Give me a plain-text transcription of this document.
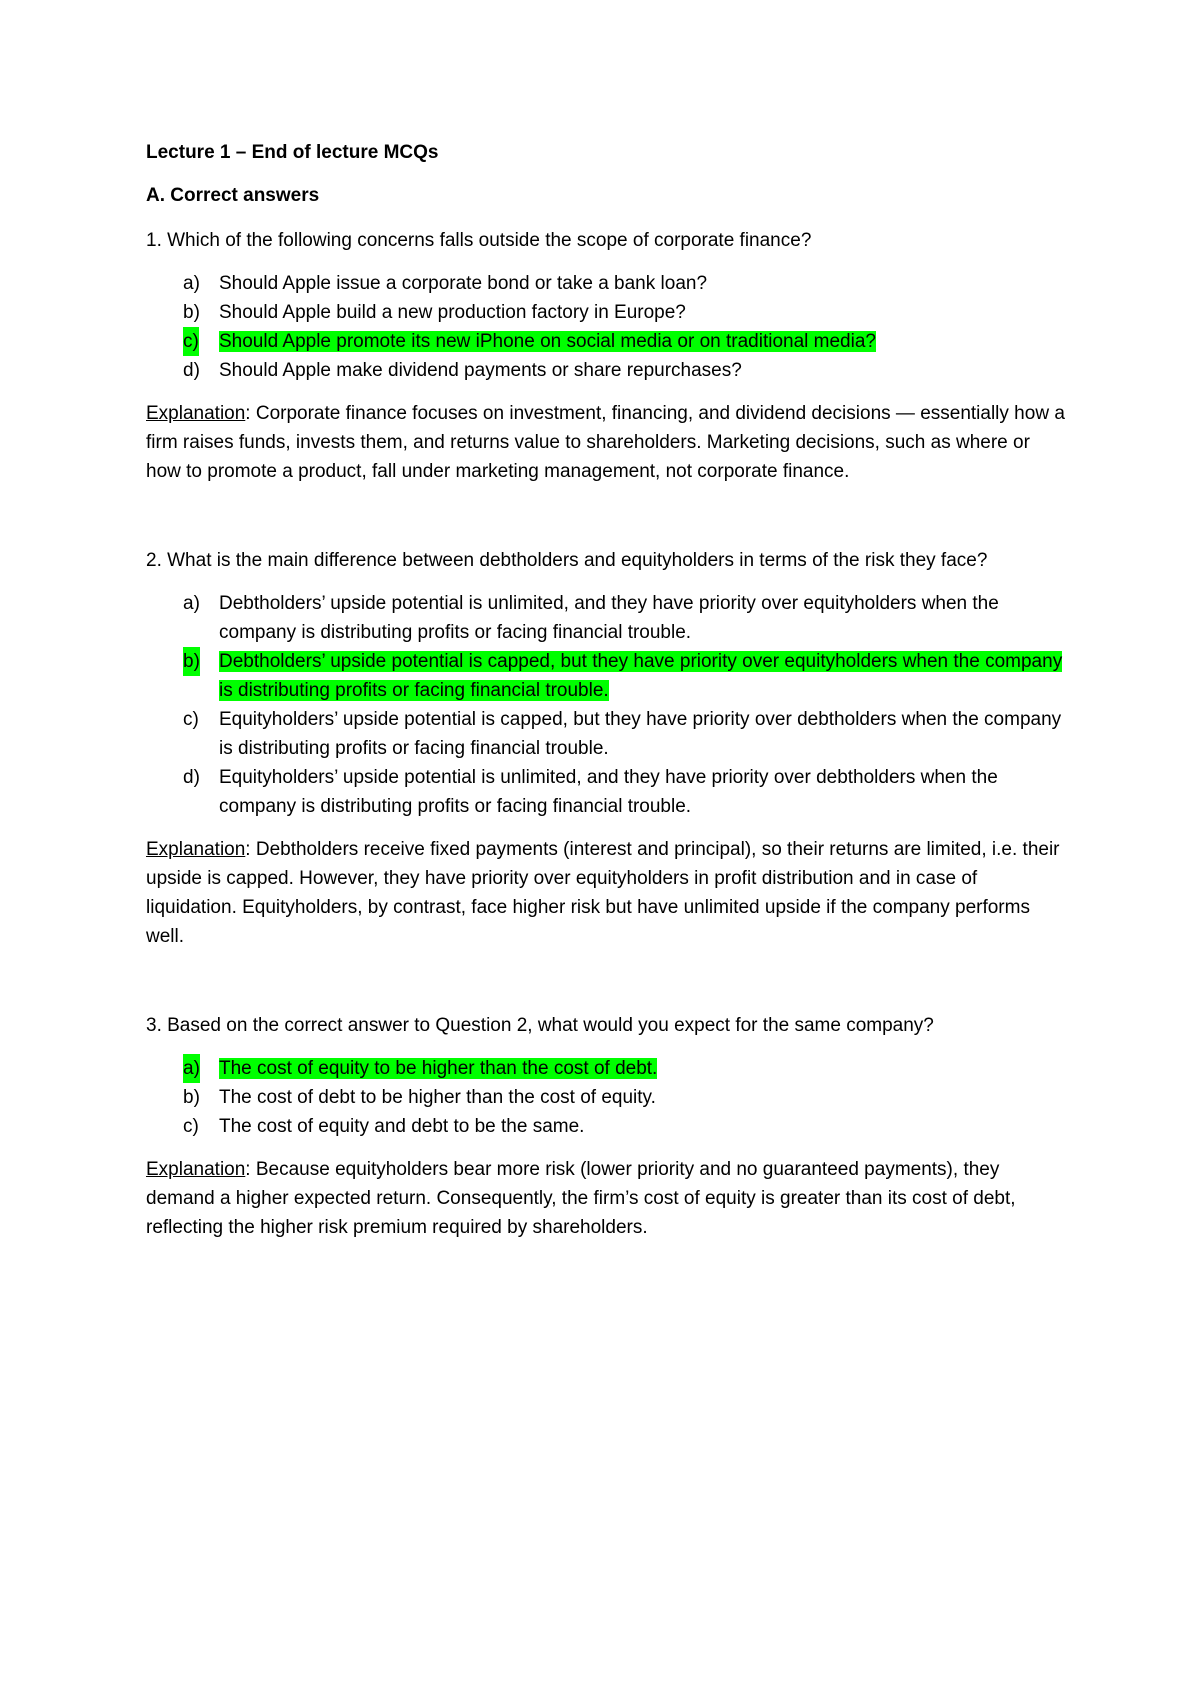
Lecture 1 – End of lecture MCQs
A. Correct answers
1. Which of the following concerns falls outside the scope of corporate finance?
a) Should Apple issue a corporate bond or take a bank loan?
b) Should Apple build a new production factory in Europe?
c) Should Apple promote its new iPhone on social media or on traditional media?
d) Should Apple make dividend payments or share repurchases?

Explanation: Corporate finance focuses on investment, financing, and dividend decisions — essentially how a firm raises funds, invests them, and returns value to shareholders. Marketing decisions, such as where or how to promote a product, fall under marketing management, not corporate finance.

2. What is the main difference between debtholders and equityholders in terms of the risk they face?
a) Debtholders’ upside potential is unlimited, and they have priority over equityholders when the company is distributing profits or facing financial trouble.
b) Debtholders’ upside potential is capped, but they have priority over equityholders when the company is distributing profits or facing financial trouble.
c) Equityholders’ upside potential is capped, but they have priority over debtholders when the company is distributing profits or facing financial trouble.
d) Equityholders’ upside potential is unlimited, and they have priority over debtholders when the company is distributing profits or facing financial trouble.

Explanation: Debtholders receive fixed payments (interest and principal), so their returns are limited, i.e. their upside is capped. However, they have priority over equityholders in profit distribution and in case of liquidation. Equityholders, by contrast, face higher risk but have unlimited upside if the company performs well.

3. Based on the correct answer to Question 2, what would you expect for the same company?
a) The cost of equity to be higher than the cost of debt.
b) The cost of debt to be higher than the cost of equity.
c) The cost of equity and debt to be the same.

Explanation: Because equityholders bear more risk (lower priority and no guaranteed payments), they demand a higher expected return. Consequently, the firm’s cost of equity is greater than its cost of debt, reflecting the higher risk premium required by shareholders.
